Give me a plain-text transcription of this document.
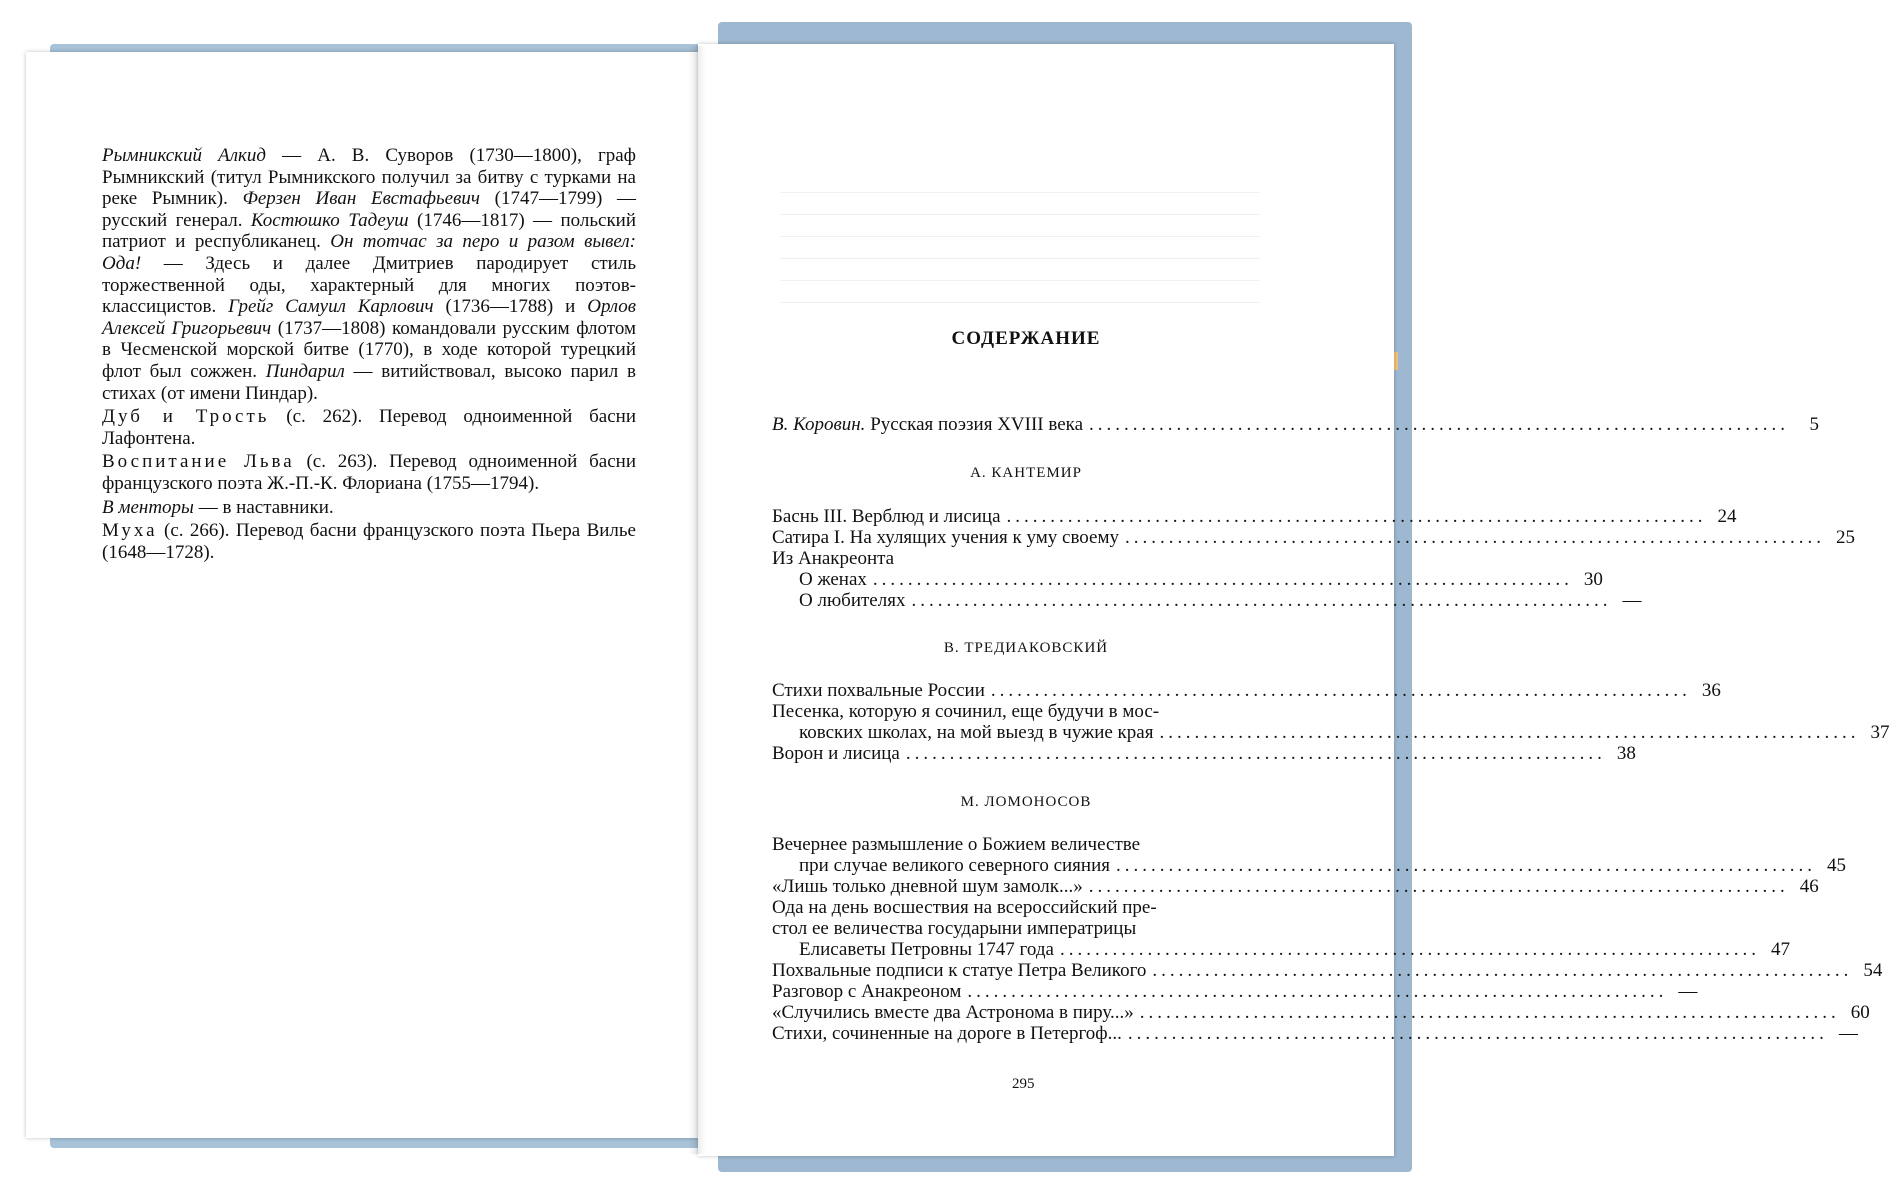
Рымникский Алкид — А. В. Суворов (1730—1800), граф Рымникский (титул Рымникского получил за битву с турками на реке Рымник). Ферзен Иван Евстафьевич (1747—1799) — русский генерал. Костюшко Тадеуш (1746—1817) — польский патриот и республиканец. Он тотчас за перо и разом вывел: Ода! — Здесь и далее Дмитриев пародирует стиль торжественной оды, характерный для многих поэтов-классицистов. Грейг Самуил Карлович (1736—1788) и Орлов Алексей Григорьевич (1737—1808) командовали русским флотом в Чесменской морской битве (1770), в ходе которой турецкий флот был сожжен. Пиндарил — витийствовал, высоко парил в стихах (от имени Пиндар).

Дуб и Трость (с. 262). Перевод одноименной басни Лафонтена.

Воспитание Льва (с. 263). Перевод одноименной басни французского поэта Ж.-П.-К. Флориана (1755—1794).

В менторы — в наставники.

Муха (с. 266). Перевод басни французского поэта Пьера Вилье (1648—1728).

СОДЕРЖАНИЕ
В. Коровин. Русская поэзия XVIII века ................................................................................	5
А. КАНТЕМИР
Баснь III. Верблюд и лисица ................................................................................ 24
Сатира I. На хулящих учения к уму своему ................................................................................ 25
Из Анакреонта
О женах ................................................................................ 30
О любителях ................................................................................ —
В. ТРЕДИАКОВСКИЙ
Стихи похвальные России ................................................................................ 36
Песенка, которую я сочинил, еще будучи в мос-
ковских школах, на мой выезд в чужие края ................................................................................ 37
Ворон и лисица ................................................................................ 38
М. ЛОМОНОСОВ
Вечернее размышление о Божием величестве
при случае великого северного сияния ................................................................................ 45
«Лишь только дневной шум замолк...» ................................................................................ 46
Ода на день восшествия на всероссийский пре-
стол ее величества государыни императрицы
Елисаветы Петровны 1747 года ................................................................................ 47
Похвальные подписи к статуе Петра Великого ................................................................................ 54
Разговор с Анакреоном ................................................................................ —
«Случились вместе два Астронома в пиру...» ................................................................................ 60
Стихи, сочиненные на дороге в Петергоф... ................................................................................ —
295
